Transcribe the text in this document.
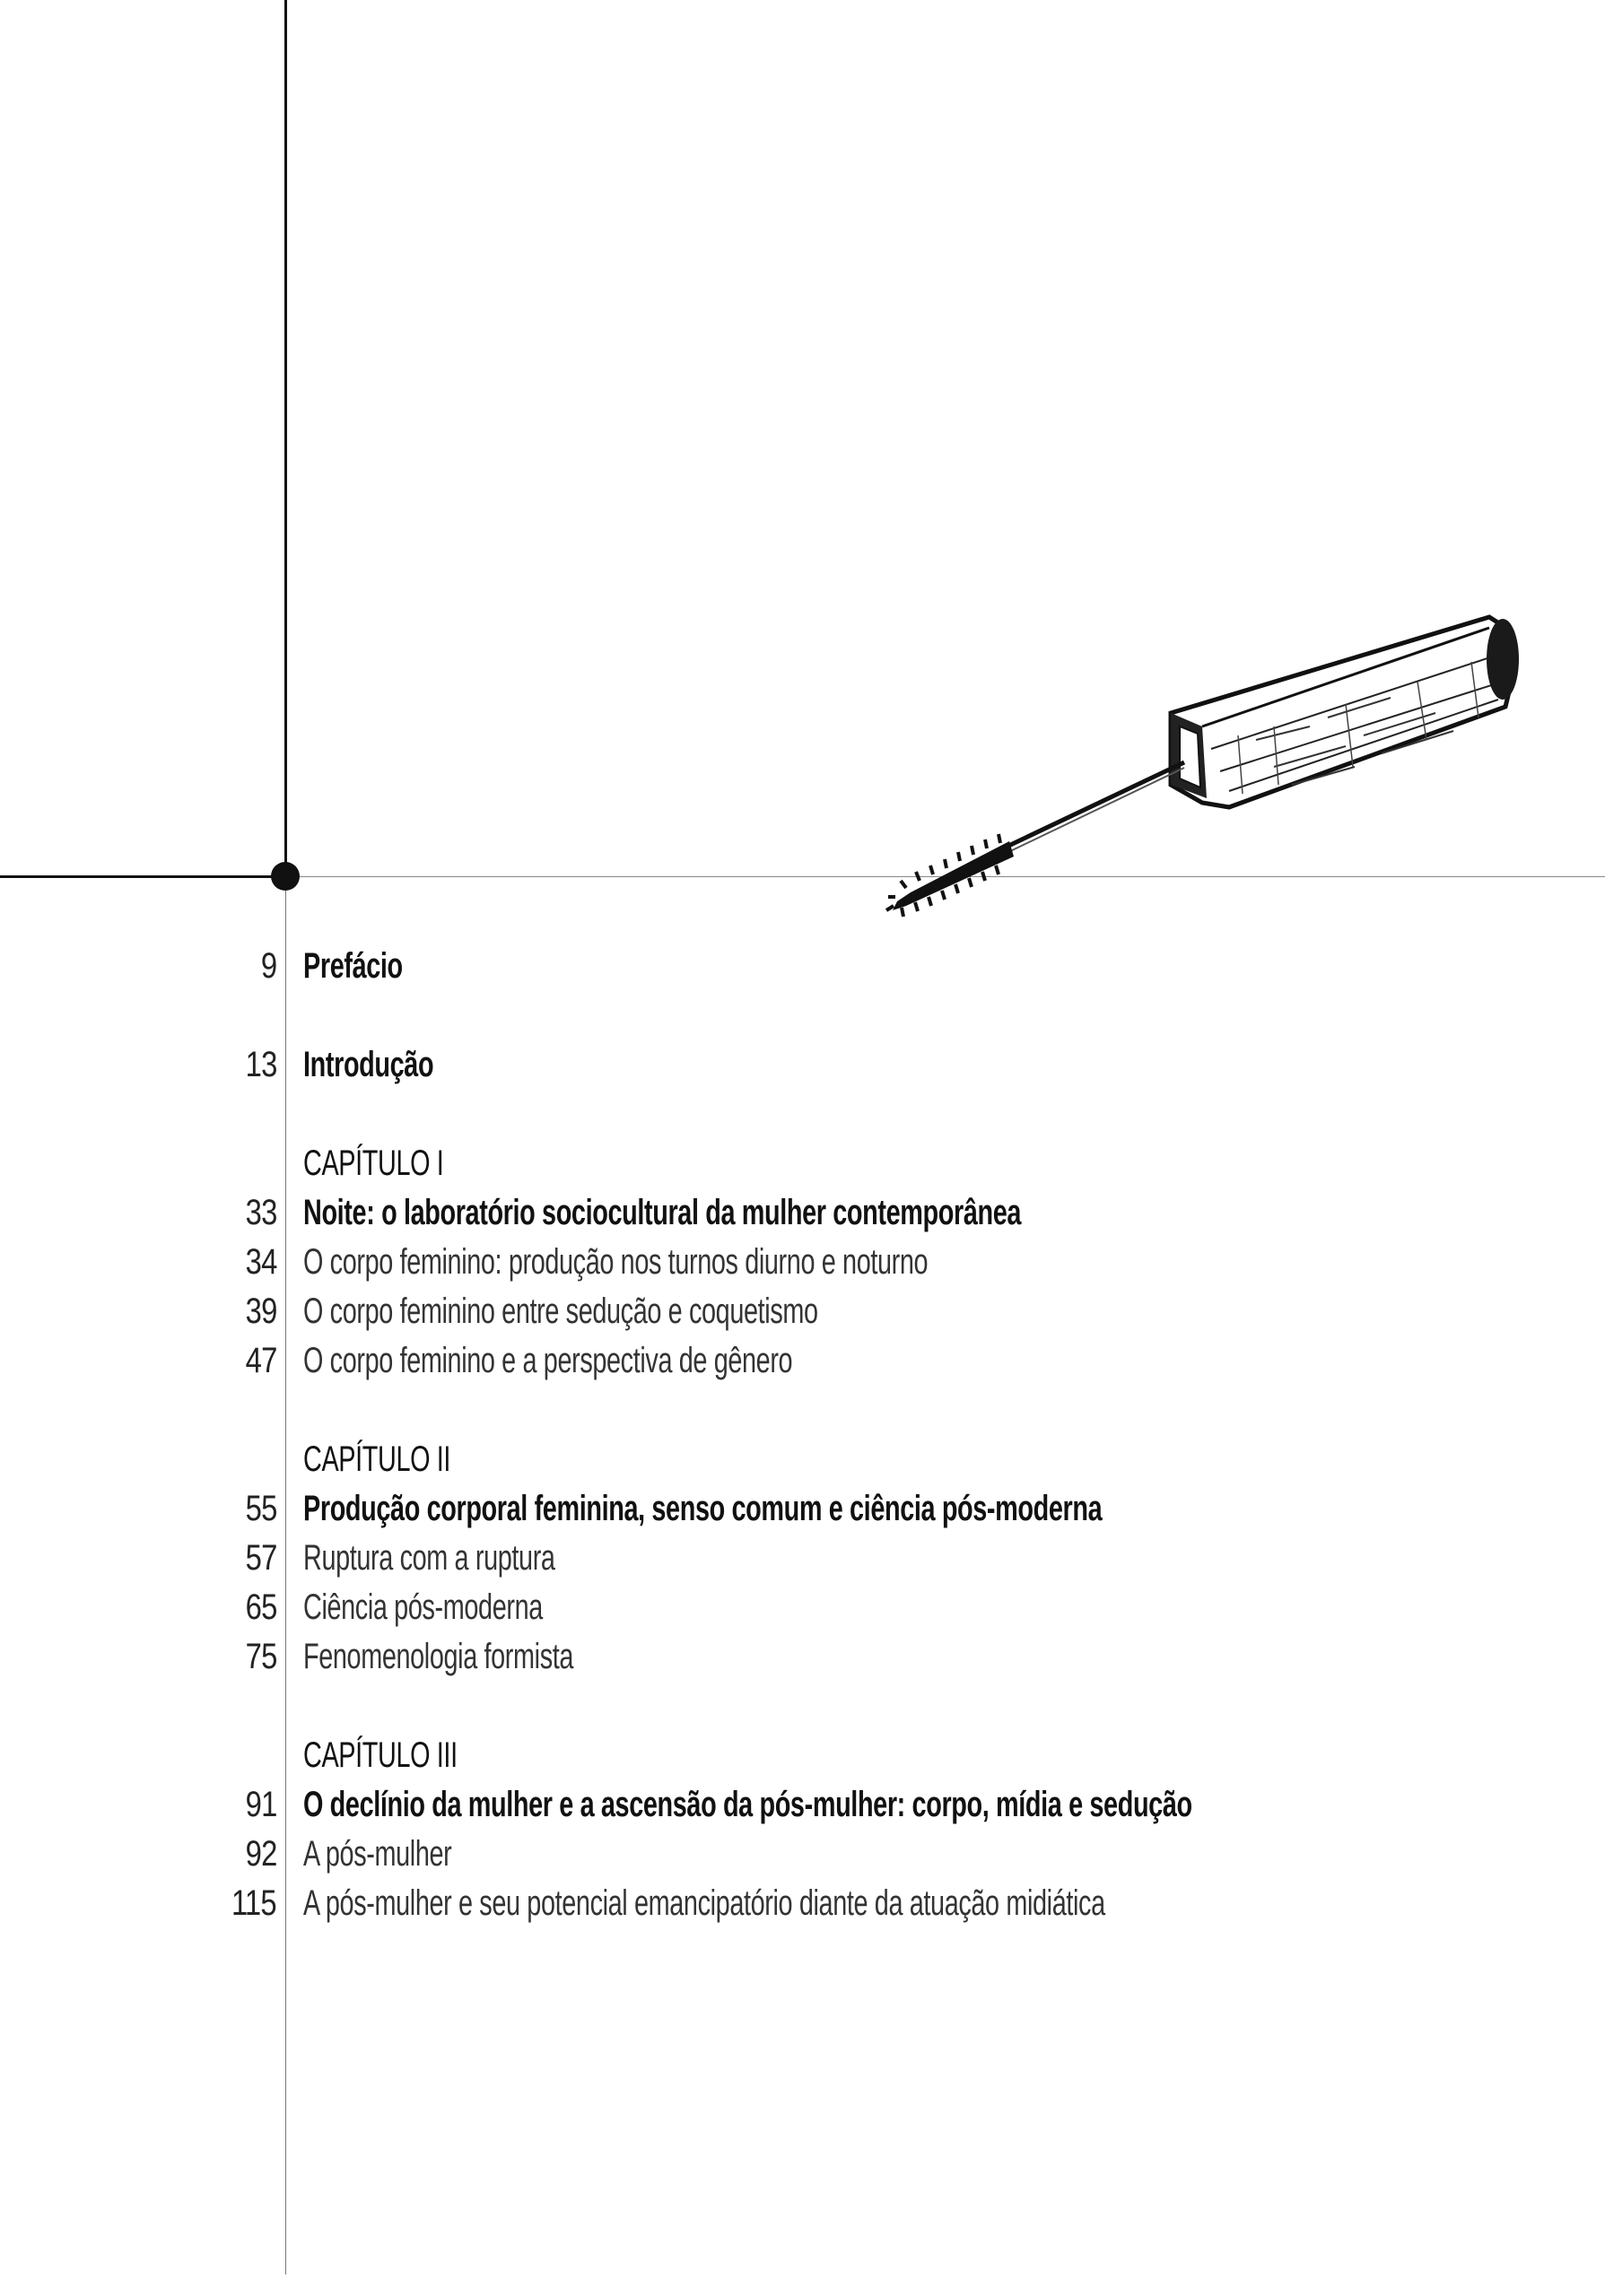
9 Prefácio
13 Introdução
CAPÍTULO I
33 Noite: o laboratório sociocultural da mulher contemporânea
34 O corpo feminino: produção nos turnos diurno e noturno
39 O corpo feminino entre sedução e coquetismo
47 O corpo feminino e a perspectiva de gênero
CAPÍTULO II
55 Produção corporal feminina, senso comum e ciência pós-moderna
57 Ruptura com a ruptura
65 Ciência pós-moderna
75 Fenomenologia formista
CAPÍTULO III
91 O declínio da mulher e a ascensão da pós-mulher: corpo, mídia e sedução
92 A pós-mulher
115 A pós-mulher e seu potencial emancipatório diante da atuação midiática
